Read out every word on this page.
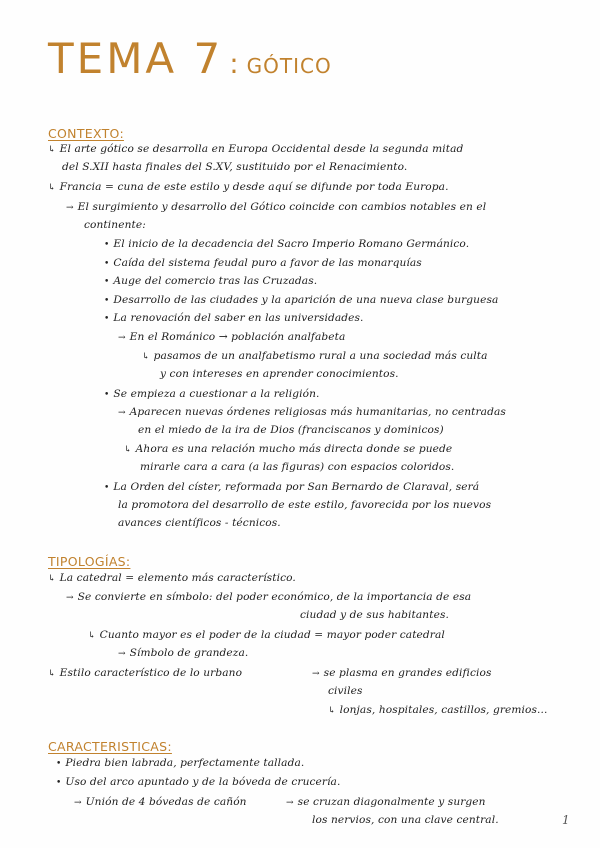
TEMA 7 : GÓTICO
CONTEXTO:
↳ El arte gótico se desarrolla en Europa Occidental desde la segunda mitad
del S.XII hasta finales del S.XV, sustituido por el Renacimiento.
↳ Francia = cuna de este estilo y desde aquí se difunde por toda Europa.
→ El surgimiento y desarrollo del Gótico coincide con cambios notables en el
continente:
• El inicio de la decadencia del Sacro Imperio Romano Germánico.
• Caída del sistema feudal puro a favor de las monarquías
• Auge del comercio tras las Cruzadas.
• Desarrollo de las ciudades y la aparición de una nueva clase burguesa
• La renovación del saber en las universidades.
→ En el Románico → población analfabeta
↳ pasamos de un analfabetismo rural a una sociedad más culta
y con intereses en aprender conocimientos.
• Se empieza a cuestionar a la religión.
→ Aparecen nuevas órdenes religiosas más humanitarias, no centradas
en el miedo de la ira de Dios (franciscanos y dominicos)
↳ Ahora es una relación mucho más directa donde se puede
mirarle cara a cara (a las figuras) con espacios coloridos.
• La Orden del císter, reformada por San Bernardo de Claraval, será
la promotora del desarrollo de este estilo, favorecida por los nuevos
avances científicos - técnicos.
TIPOLOGÍAS:
↳ La catedral = elemento más característico.
→ Se convierte en símbolo: del poder económico, de la importancia de esa
ciudad y de sus habitantes.
↳ Cuanto mayor es el poder de la ciudad = mayor poder catedral
→ Símbolo de grandeza.
↳ Estilo característico de lo urbano	→ se plasma en grandes edificios
civiles
↳ lonjas, hospitales, castillos, gremios...
CARACTERISTICAS:
• Piedra bien labrada, perfectamente tallada.
• Uso del arco apuntado y de la bóveda de crucería.
→ Unión de 4 bóvedas de cañón	→ se cruzan diagonalmente y surgen
los nervios, con una clave central.	1
